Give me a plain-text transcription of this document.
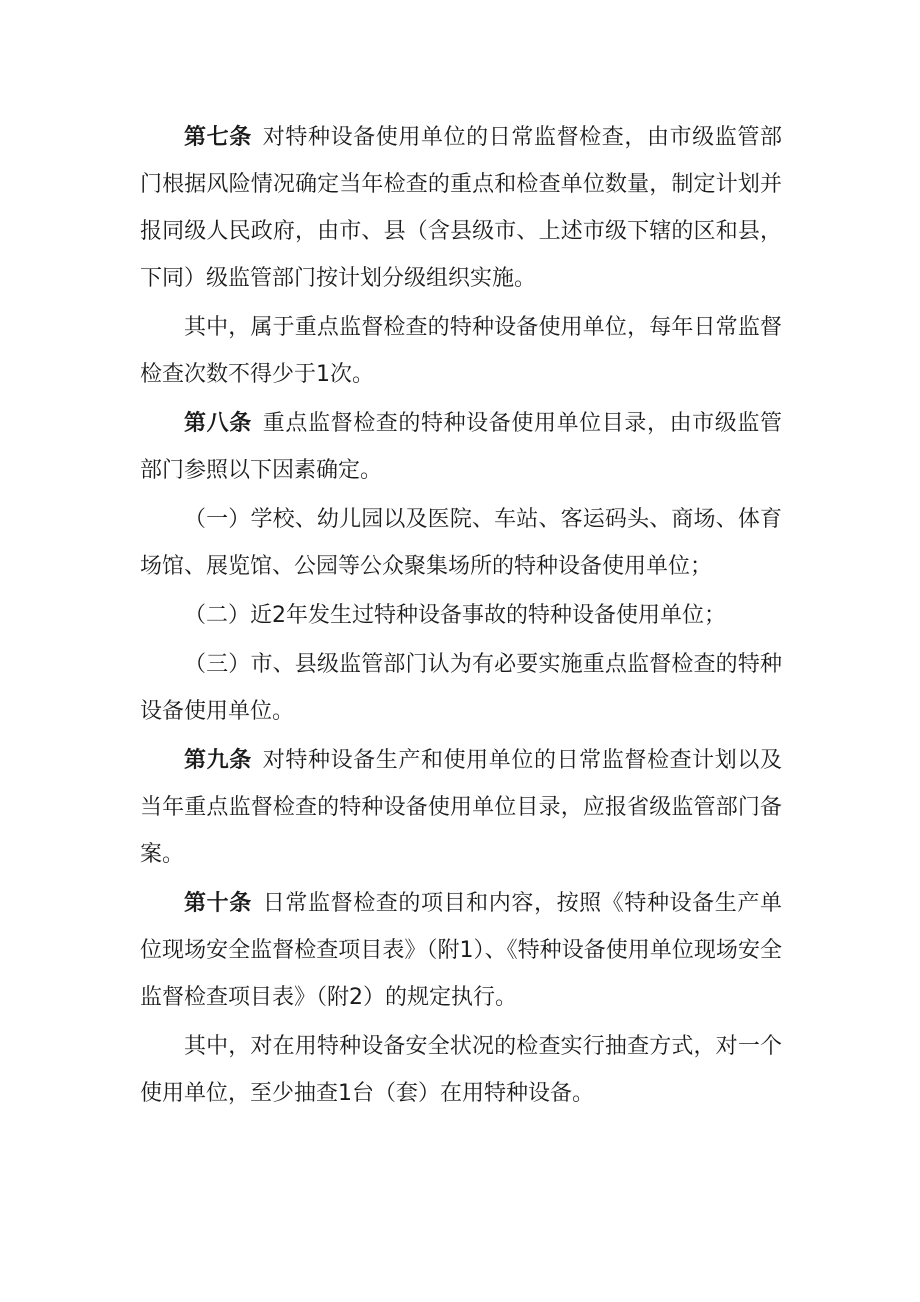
第七条 对特种设备使用单位的日常监督检查，由市级监管部门根据风险情况确定当年检查的重点和检查单位数量，制定计划并报同级人民政府，由市、县（含县级市、上述市级下辖的区和县，下同）级监管部门按计划分级组织实施。

其中，属于重点监督检查的特种设备使用单位，每年日常监督检查次数不得少于1次。

第八条 重点监督检查的特种设备使用单位目录，由市级监管部门参照以下因素确定。

（一）学校、幼儿园以及医院、车站、客运码头、商场、体育场馆、展览馆、公园等公众聚集场所的特种设备使用单位；

（二）近2年发生过特种设备事故的特种设备使用单位；

（三）市、县级监管部门认为有必要实施重点监督检查的特种设备使用单位。

第九条 对特种设备生产和使用单位的日常监督检查计划以及当年重点监督检查的特种设备使用单位目录，应报省级监管部门备案。

第十条 日常监督检查的项目和内容，按照《特种设备生产单位现场安全监督检查项目表》（附1）、《特种设备使用单位现场安全监督检查项目表》（附2）的规定执行。

其中，对在用特种设备安全状况的检查实行抽查方式，对一个使用单位，至少抽查1台（套）在用特种设备。
